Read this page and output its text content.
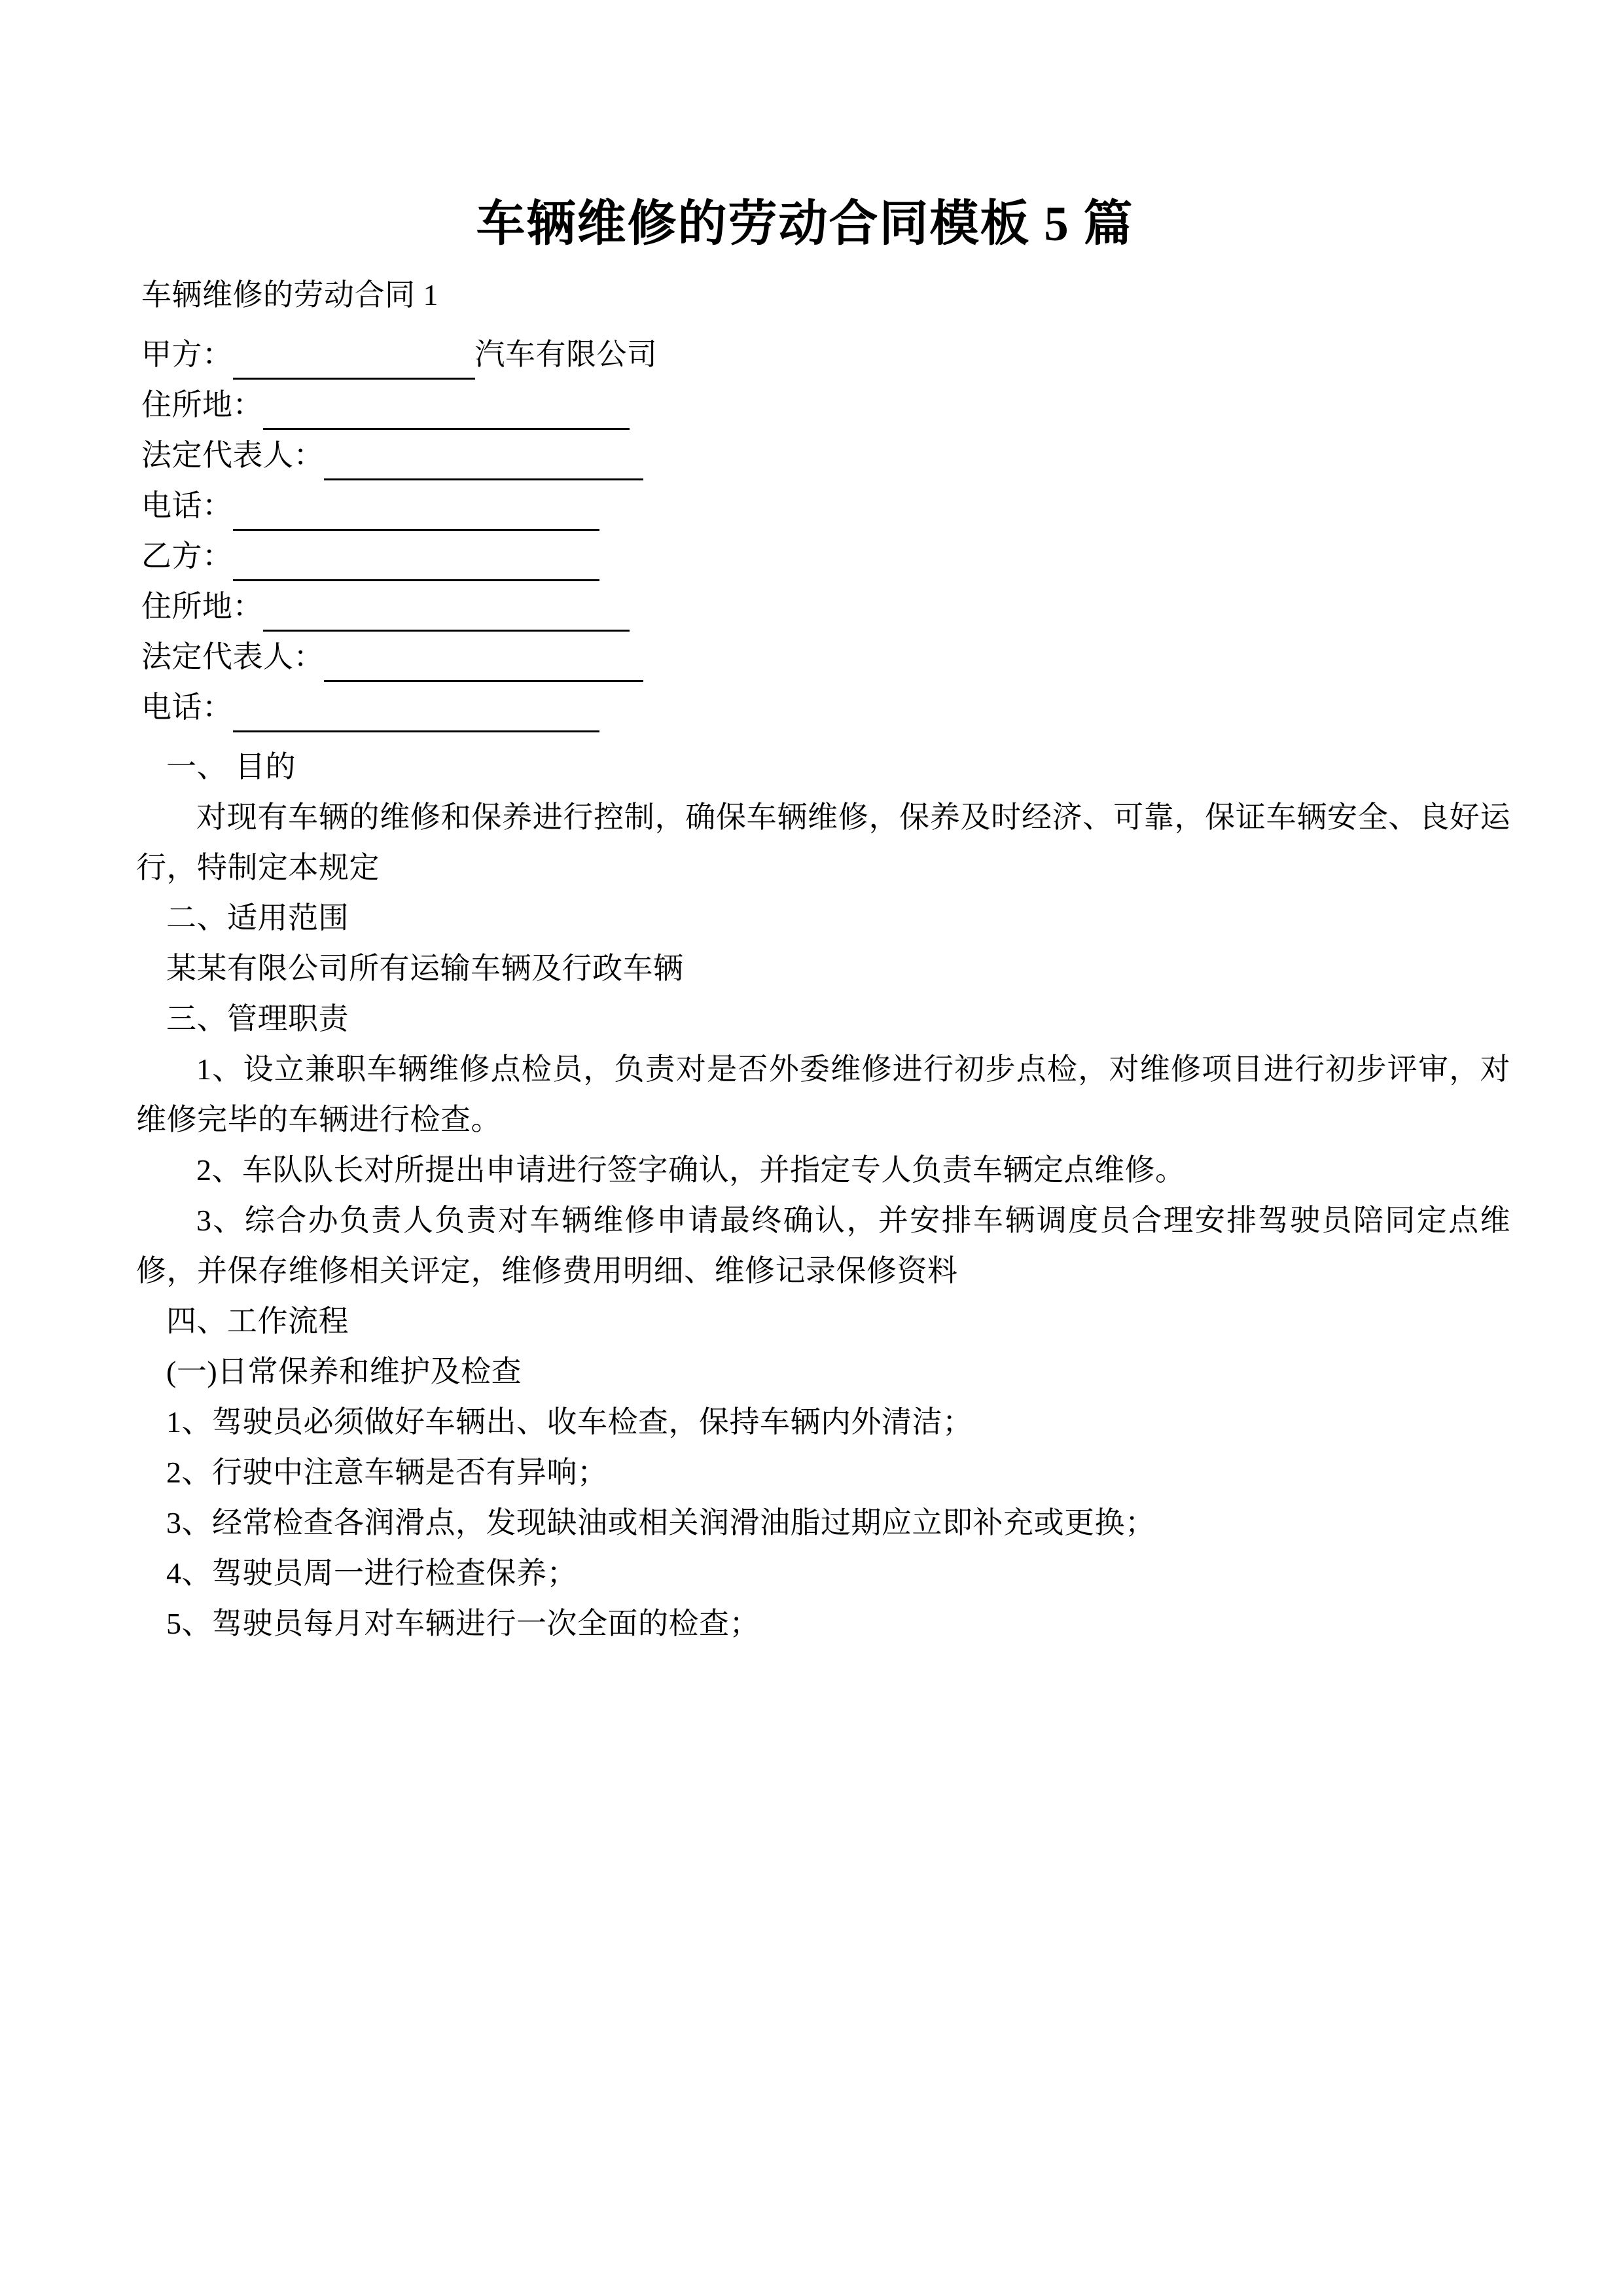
车辆维修的劳动合同模板 5 篇

车辆维修的劳动合同 1

甲方：	汽车有限公司
住所地：
法定代表人：
电话：
乙方：
住所地：
法定代表人：
电话：

一、 目的

对现有车辆的维修和保养进行控制，确保车辆维修，保养及时经济、可靠，保证车辆安全、良好运行，特制定本规定

二、适用范围

某某有限公司所有运输车辆及行政车辆

三、管理职责

1、设立兼职车辆维修点检员，负责对是否外委维修进行初步点检，对维修项目进行初步评审，对维修完毕的车辆进行检查。

2、车队队长对所提出申请进行签字确认，并指定专人负责车辆定点维修。

3、综合办负责人负责对车辆维修申请最终确认，并安排车辆调度员合理安排驾驶员陪同定点维修，并保存维修相关评定，维修费用明细、维修记录保修资料

四、工作流程

(一)日常保养和维护及检查

1、驾驶员必须做好车辆出、收车检查，保持车辆内外清洁；

2、行驶中注意车辆是否有异响；

3、经常检查各润滑点，发现缺油或相关润滑油脂过期应立即补充或更换；

4、驾驶员周一进行检查保养；

5、驾驶员每月对车辆进行一次全面的检查；
